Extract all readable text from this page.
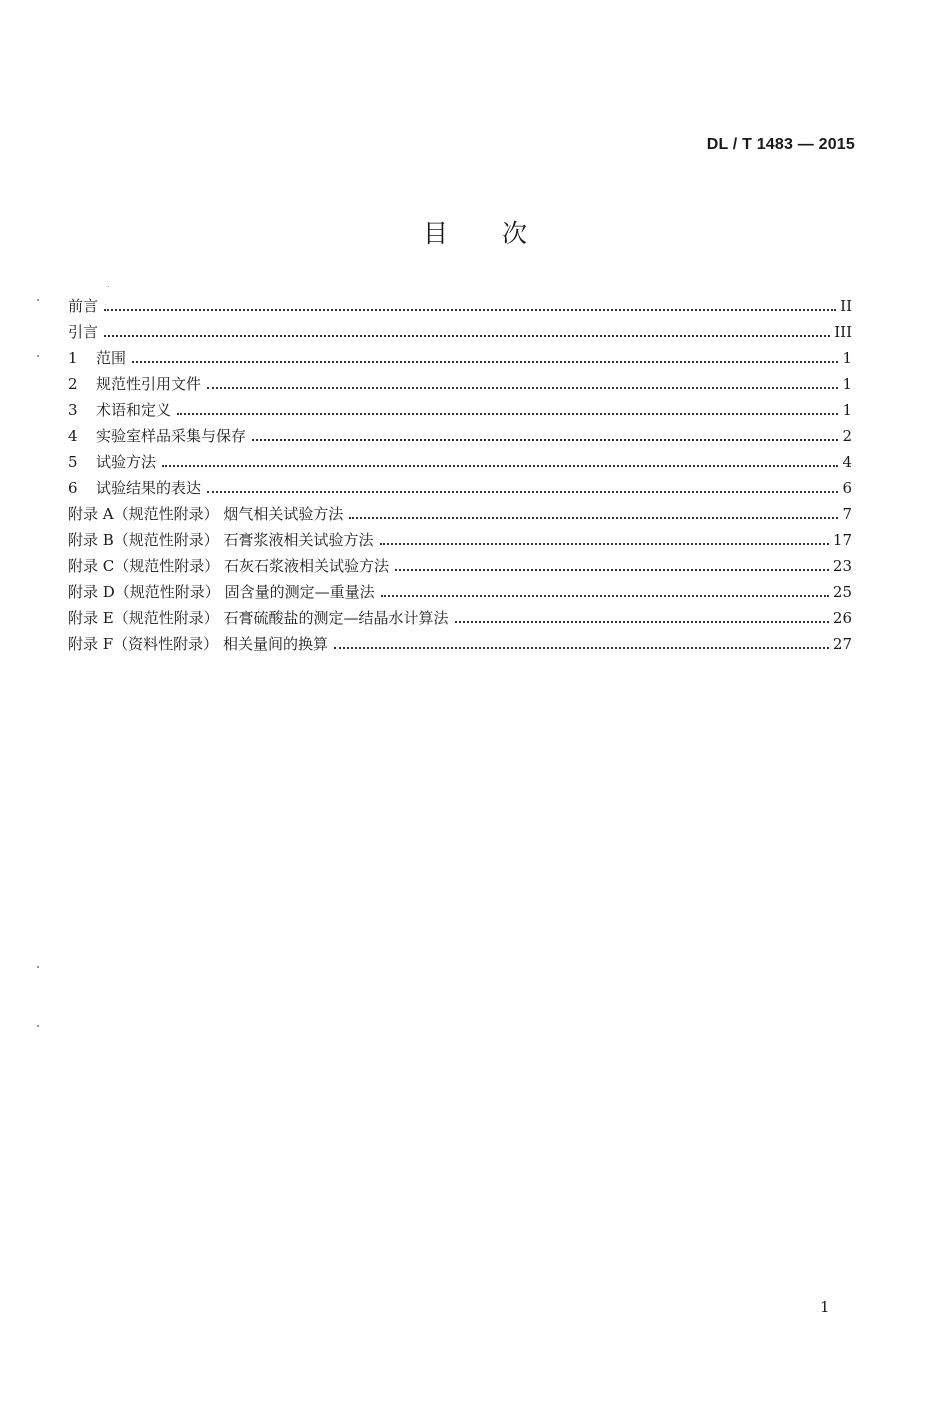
DL / T 1483 — 2015
目 次
前言	II
引言	III
1	范围	1
2	规范性引用文件	1
3	术语和定义	1
4	实验室样品采集与保存	2
5	试验方法	4
6	试验结果的表达	6
附录 A（规范性附录） 烟气相关试验方法	7
附录 B（规范性附录） 石膏浆液相关试验方法	17
附录 C（规范性附录） 石灰石浆液相关试验方法	23
附录 D（规范性附录） 固含量的测定—重量法	25
附录 E（规范性附录） 石膏硫酸盐的测定—结晶水计算法	26
附录 F（资料性附录） 相关量间的换算	27
1
